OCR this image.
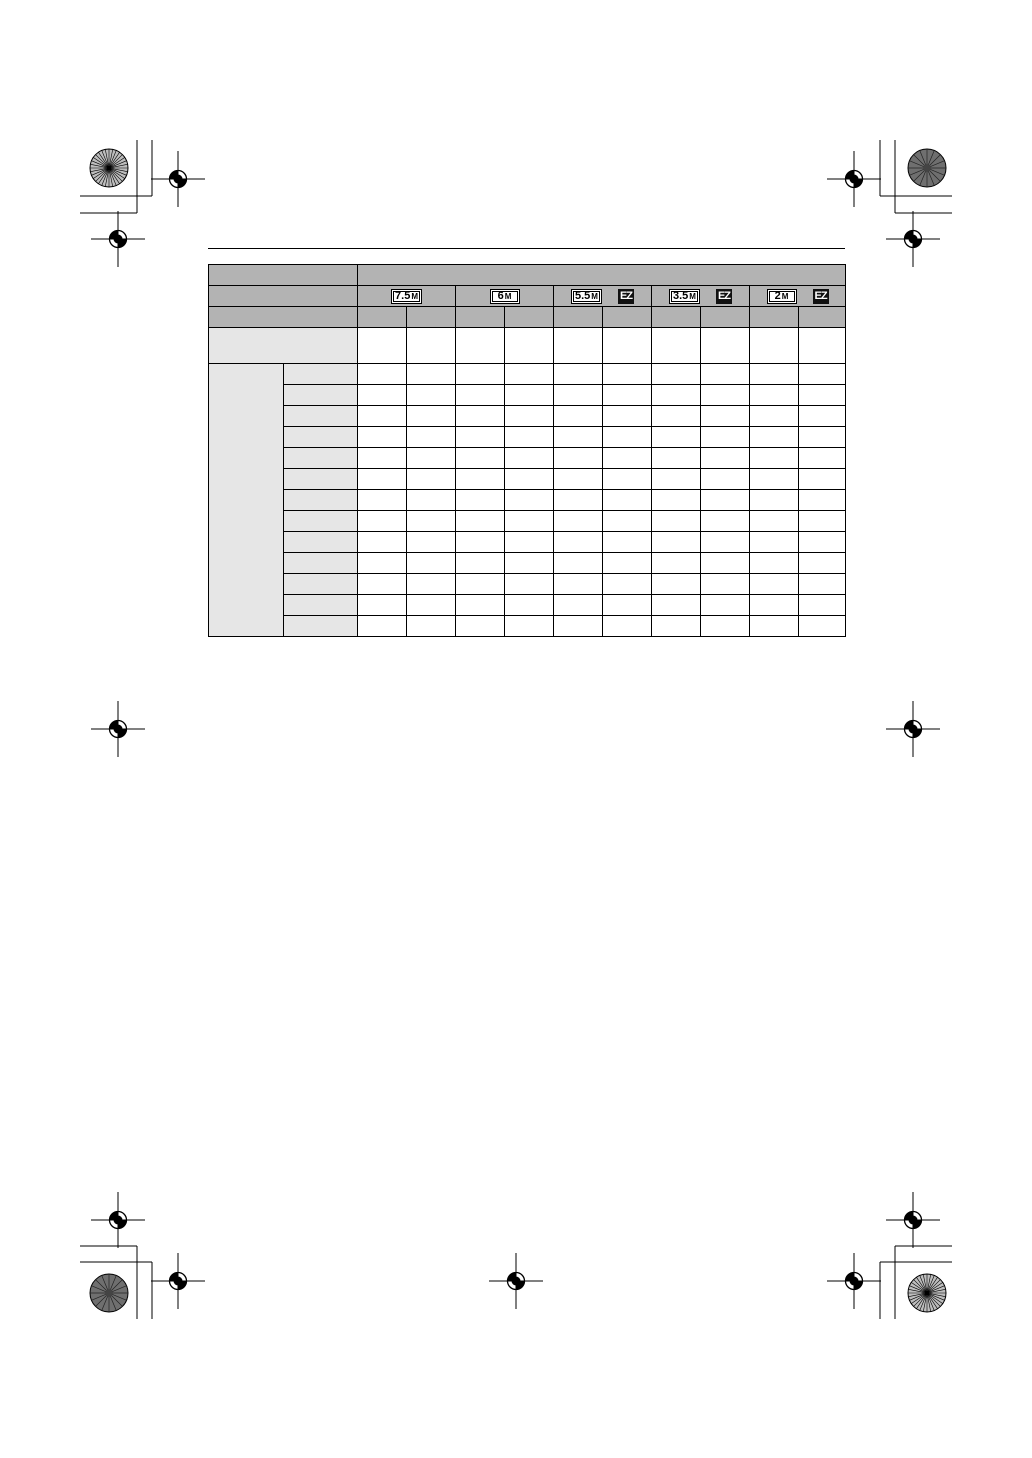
		7.5M		6M		5.5M EZ		3.5M EZ		2M EZ	
